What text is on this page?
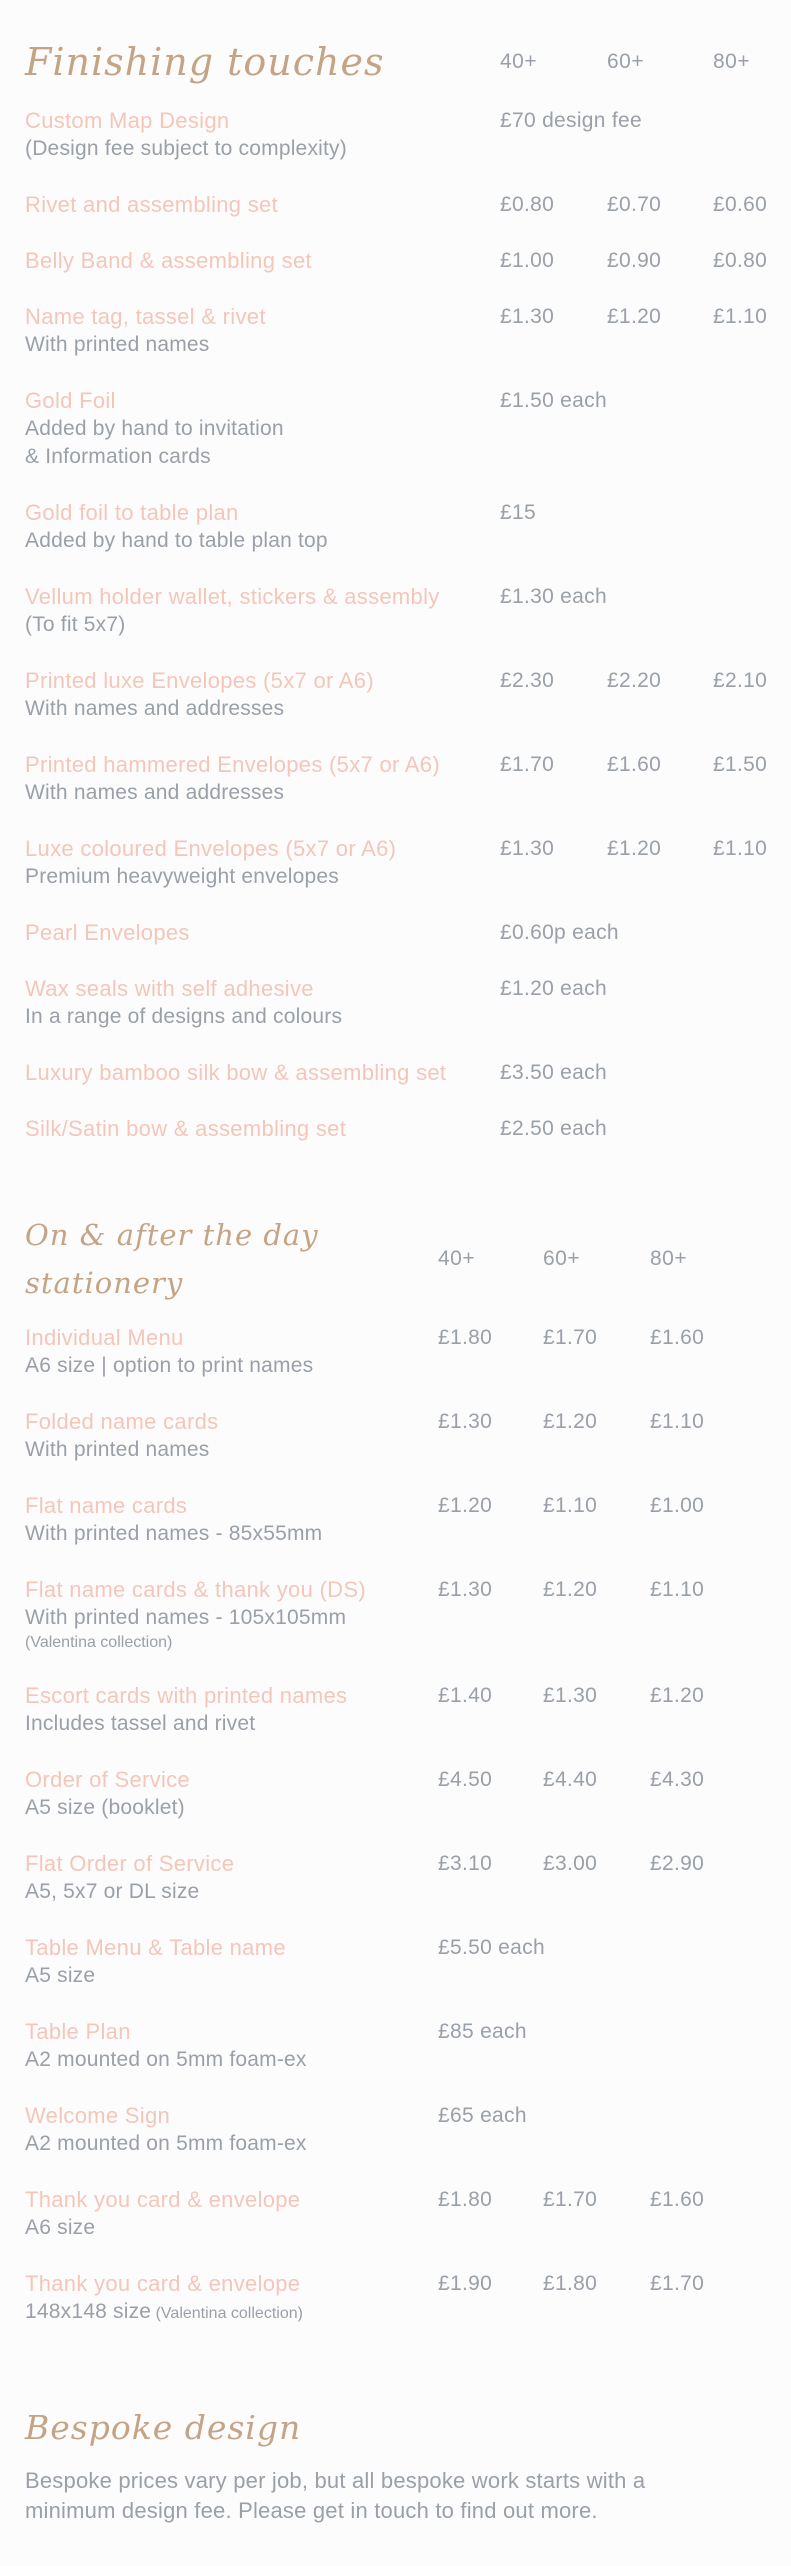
Finishing touches	40+	60+	80+
Custom Map Design
(Design fee subject to complexity)
£70 design fee
Rivet and assembling set	£0.80	£0.70	£0.60
Belly Band & assembling set	£1.00	£0.90	£0.80
Name tag, tassel & rivet
With printed names
£1.30	£1.20	£1.10
Gold Foil
Added by hand to invitation
& Information cards
£1.50 each
Gold foil to table plan
Added by hand to table plan top
£15
Vellum holder wallet, stickers & assembly
(To fit 5x7)
£1.30 each
Printed luxe Envelopes (5x7 or A6)
With names and addresses
£2.30	£2.20	£2.10
Printed hammered Envelopes (5x7 or A6)
With names and addresses
£1.70	£1.60	£1.50
Luxe coloured Envelopes (5x7 or A6)
Premium heavyweight envelopes
£1.30	£1.20	£1.10
Pearl Envelopes	£0.60p each
Wax seals with self adhesive
In a range of designs and colours
£1.20 each
Luxury bamboo silk bow & assembling set	£3.50 each
Silk/Satin bow & assembling set	£2.50 each
On & after the day stationery
40+	60+	80+
Individual Menu
A6 size | option to print names
£1.80	£1.70	£1.60
Folded name cards
With printed names
£1.30	£1.20	£1.10
Flat name cards
With printed names - 85x55mm
£1.20	£1.10	£1.00
Flat name cards & thank you (DS)
With printed names - 105x105mm
(Valentina collection)
£1.30	£1.20	£1.10
Escort cards with printed names
Includes tassel and rivet
£1.40	£1.30	£1.20
Order of Service
A5 size (booklet)
£4.50	£4.40	£4.30
Flat Order of Service
A5, 5x7 or DL size
£3.10	£3.00	£2.90
Table Menu & Table name
A5 size
£5.50 each
Table Plan
A2 mounted on 5mm foam-ex
£85 each
Welcome Sign
A2 mounted on 5mm foam-ex
£65 each
Thank you card & envelope
A6 size
£1.80	£1.70	£1.60
Thank you card & envelope
148x148 size (Valentina collection)
£1.90	£1.80	£1.70
Bespoke design

Bespoke prices vary per job, but all bespoke work starts with a minimum design fee. Please get in touch to find out more.
